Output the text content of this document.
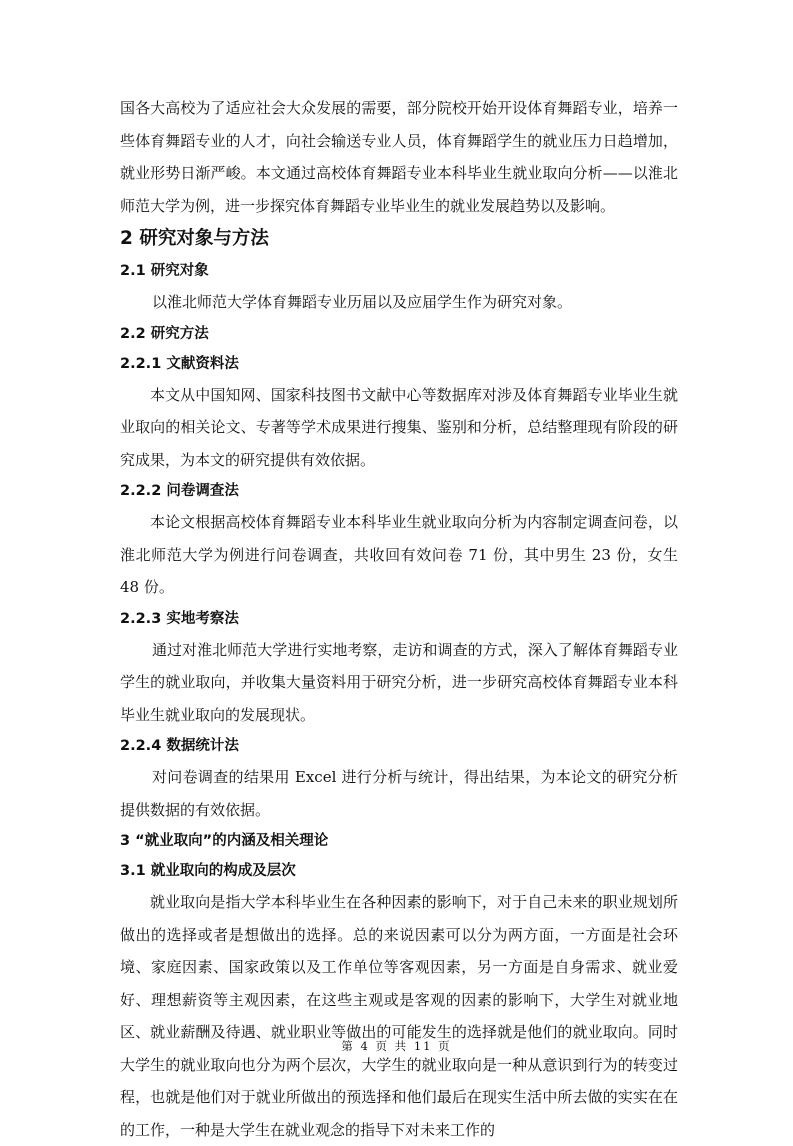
国各大高校为了适应社会大众发展的需要，部分院校开始开设体育舞蹈专业，培养一些体育舞蹈专业的人才，向社会输送专业人员，体育舞蹈学生的就业压力日趋增加，就业形势日渐严峻。本文通过高校体育舞蹈专业本科毕业生就业取向分析——以淮北师范大学为例，进一步探究体育舞蹈专业毕业生的就业发展趋势以及影响。

2 研究对象与方法
2.1 研究对象

以淮北师范大学体育舞蹈专业历届以及应届学生作为研究对象。

2.2 研究方法
2.2.1 文献资料法

本文从中国知网、国家科技图书文献中心等数据库对涉及体育舞蹈专业毕业生就业取向的相关论文、专著等学术成果进行搜集、鉴别和分析，总结整理现有阶段的研究成果，为本文的研究提供有效依据。

2.2.2 问卷调查法

本论文根据高校体育舞蹈专业本科毕业生就业取向分析为内容制定调查问卷，以淮北师范大学为例进行问卷调查，共收回有效问卷 71 份，其中男生 23 份，女生 48 份。

2.2.3 实地考察法

通过对淮北师范大学进行实地考察，走访和调查的方式，深入了解体育舞蹈专业学生的就业取向，并收集大量资料用于研究分析，进一步研究高校体育舞蹈专业本科毕业生就业取向的发展现状。

2.2.4 数据统计法

对问卷调查的结果用 Excel 进行分析与统计，得出结果，为本论文的研究分析提供数据的有效依据。

3 “就业取向”的内涵及相关理论
3.1 就业取向的构成及层次

就业取向是指大学本科毕业生在各种因素的影响下，对于自己未来的职业规划所做出的选择或者是想做出的选择。总的来说因素可以分为两方面，一方面是社会环境、家庭因素、国家政策以及工作单位等客观因素，另一方面是自身需求、就业爱好、理想薪资等主观因素，在这些主观或是客观的因素的影响下，大学生对就业地区、就业薪酬及待遇、就业职业等做出的可能发生的选择就是他们的就业取向。同时大学生的就业取向也分为两个层次，大学生的就业取向是一种从意识到行为的转变过程，也就是他们对于就业所做出的预选择和他们最后在现实生活中所去做的实实在在的工作，一种是大学生在就业观念的指导下对未来工作的

第 4 页 共 11 页
